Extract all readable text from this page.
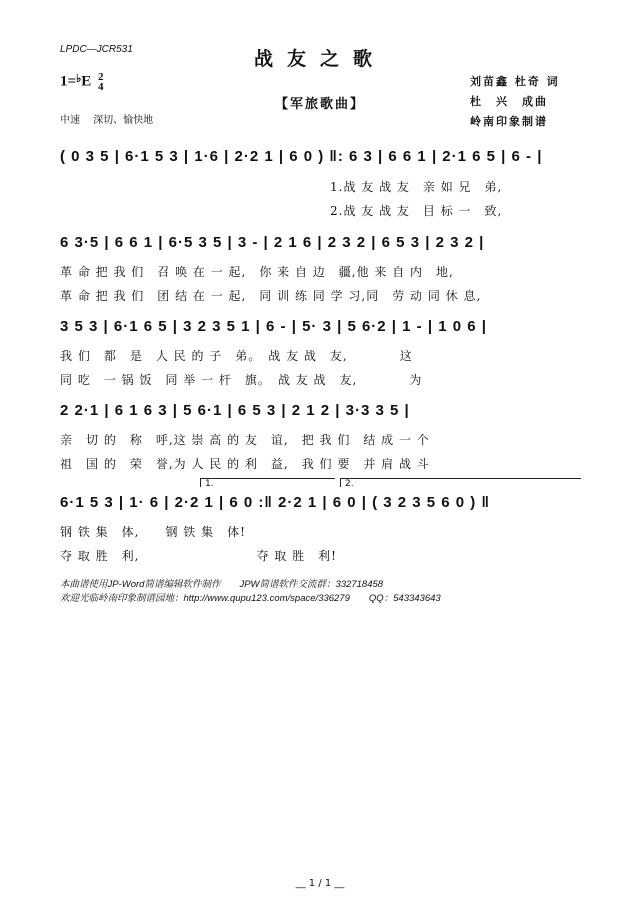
LPDC—JCR531	战友之歌
1=♭E 2
4
【军旅歌曲】
刘苗鑫 杜奇 词
杜　兴　成曲
岭南印象制谱
中速 深切、愉快地
( 0 3 5 | 6·1 5 3 | 1·6 | 2·2 1 | 6 0 ) ‖: 6 3 | 6 6 1 | 2·1 6 5 | 6 - |
1.战 友 战 友　亲 如 兄　弟,
2.战 友 战 友　目 标 一　致,
6 3·5 | 6 6 1 | 6·5 3 5 | 3 - | 2 1 6 | 2 3 2 | 6 5 3 | 2 3 2 |
革 命 把 我 们　召 唤 在 一 起,　你 来 自 边　疆,他 来 自 内　地,
革 命 把 我 们　团 结 在 一 起,　同 训 练 同 学 习,同　劳 动 同 休 息,
3 5 3 | 6·1 6 5 | 3 2 3 5 1 | 6 - | 5· 3 | 5 6·2 | 1 - | 1 0 6 |
我 们　都　是　人 民 的 子　弟。　战 友 战　友,　　　　这
同 吃　一 锅 饭　同 举 一 杆　旗。　战 友 战　友,　　　　为
2 2·1 | 6 1 6 3 | 5 6·1 | 6 5 3 | 2 1 2 | 3·3 3 5 |
亲　切 的　称　呼,这 崇 高 的 友　谊,　把 我 们　结 成 一 个
祖　国 的　荣　誉,为 人 民 的 利　益,　我 们 要　并 肩 战 斗
1.	2.
6·1 5 3 | 1· 6 | 2·2 1 | 6 0 :‖ 2·2 1 | 6 0 | ( 3 2 3 5 6 0 ) ‖
钢 铁 集　体,　　钢 铁 集　体!
夺 取 胜　利,　　　　　　　　　夺 取 胜　利!
本曲谱使用JP-Word简谱编辑软件制作　　JPW简谱软件交流群：332718458
欢迎光临岭南印象制谱园地：http://www.qupu123.com/space/336279　　QQ：543343643
__ 1 / 1 __
